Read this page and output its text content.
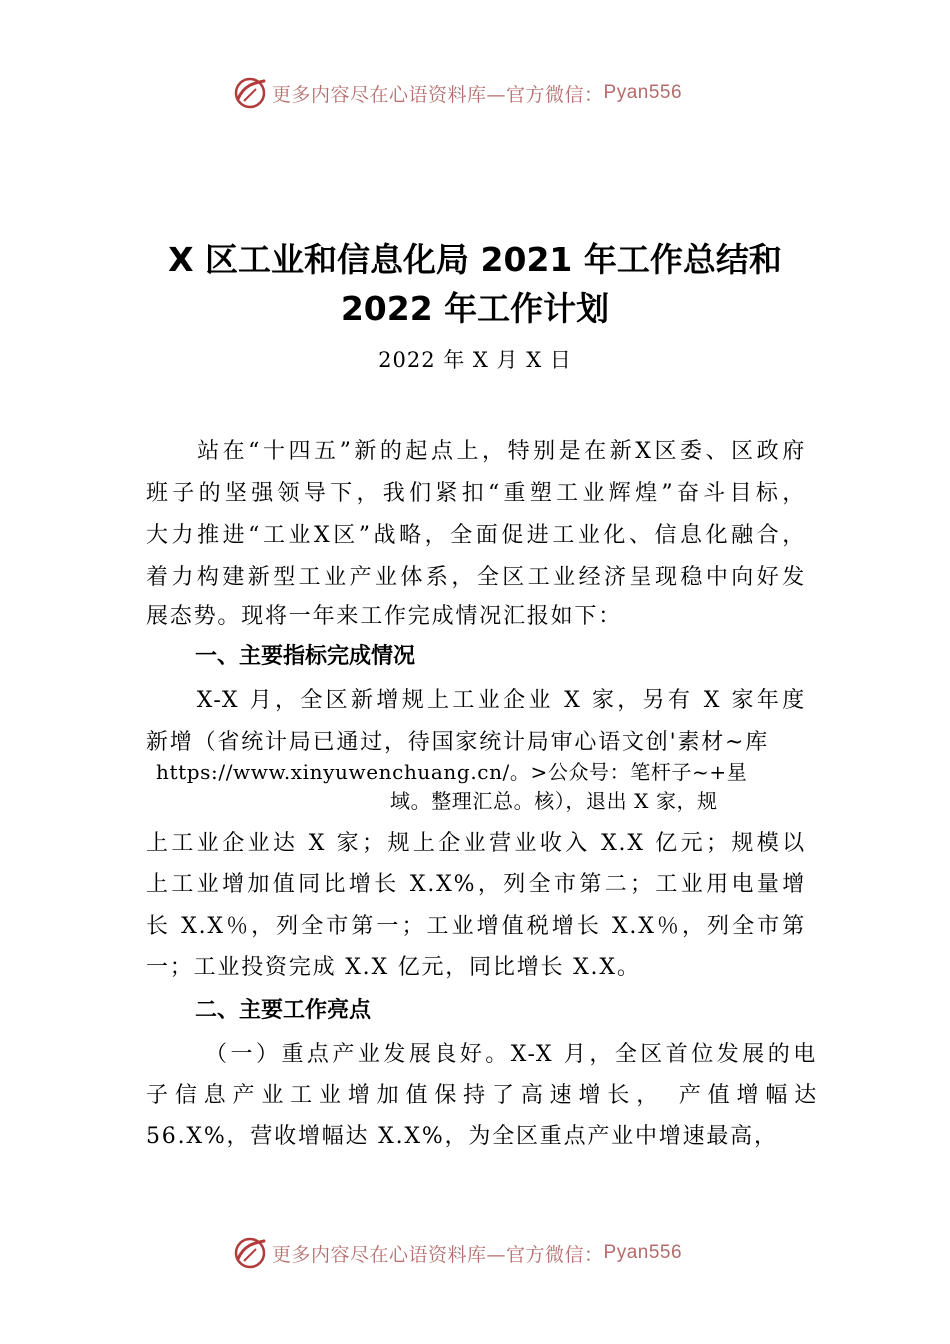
更多内容尽在心语资料库—官方微信： Pyan556
X 区工业和信息化局 2021 年工作总结和
2022 年工作计划
2022 年 X 月 X 日
　　站在“十四五”新的起点上，特别是在新X区委、区政府
班子的坚强领导下，我们紧扣“重塑工业辉煌”奋斗目标，
大力推进“工业X区”战略，全面促进工业化、信息化融合，
着力构建新型工业产业体系，全区工业经济呈现稳中向好发
展态势。现将一年来工作完成情况汇报如下：
一、主要指标完成情况
　　X-X 月，全区新增规上工业企业 X 家，另有 X 家年度
新增（省统计局已通过，待国家统计局审心语文创'素材~库
https://www.xinyuwenchuang.cn/。>公众号：笔杆子~+星
域。整理汇总。核），退出 X 家，规
上工业企业达 X 家；规上企业营业收入 X.X 亿元；规模以
上工业增加值同比增长 X.X%，列全市第二；工业用电量增
长 X.X％，列全市第一；工业增值税增长 X.X％，列全市第
一；工业投资完成 X.X 亿元，同比增长 X.X。
二、主要工作亮点
（一）重点产业发展良好。X-X 月，全区首位发展的电
子信息产业工业增加值保持了高速增长， 产值增幅达
56.X%，营收增幅达 X.X%，为全区重点产业中增速最高，
更多内容尽在心语资料库—官方微信： Pyan556
